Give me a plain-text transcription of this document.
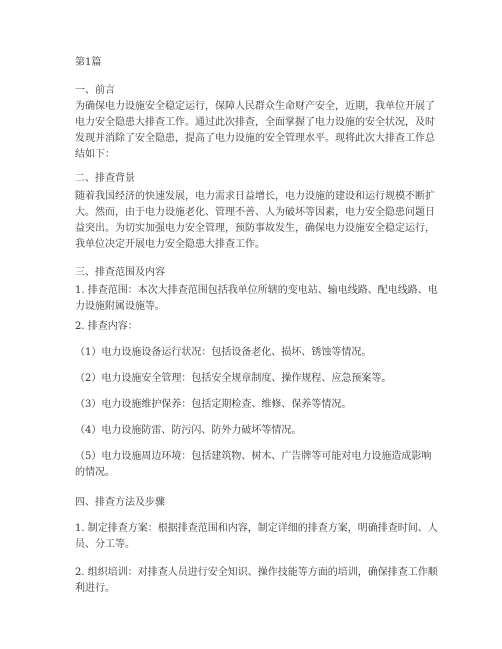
第1篇

一、前言

为确保电力设施安全稳定运行，保障人民群众生命财产安全，近期，我单位开展了电力安全隐患大排查工作。通过此次排查，全面掌握了电力设施的安全状况，及时发现并消除了安全隐患，提高了电力设施的安全管理水平。现将此次大排查工作总结如下：

二、排查背景

随着我国经济的快速发展，电力需求日益增长，电力设施的建设和运行规模不断扩大。然而，由于电力设施老化、管理不善、人为破坏等因素，电力安全隐患问题日益突出。为切实加强电力安全管理，预防事故发生，确保电力设施安全稳定运行，我单位决定开展电力安全隐患大排查工作。

三、排查范围及内容

1. 排查范围：本次大排查范围包括我单位所辖的变电站、输电线路、配电线路、电力设施附属设施等。

2. 排查内容：

（1）电力设施设备运行状况：包括设备老化、损坏、锈蚀等情况。

（2）电力设施安全管理：包括安全规章制度、操作规程、应急预案等。

（3）电力设施维护保养：包括定期检查、维修、保养等情况。

（4）电力设施防雷、防污闪、防外力破坏等情况。

（5）电力设施周边环境：包括建筑物、树木、广告牌等可能对电力设施造成影响的情况。

四、排查方法及步骤

1. 制定排查方案：根据排查范围和内容，制定详细的排查方案，明确排查时间、人员、分工等。

2. 组织培训：对排查人员进行安全知识、操作技能等方面的培训，确保排查工作顺利进行。
